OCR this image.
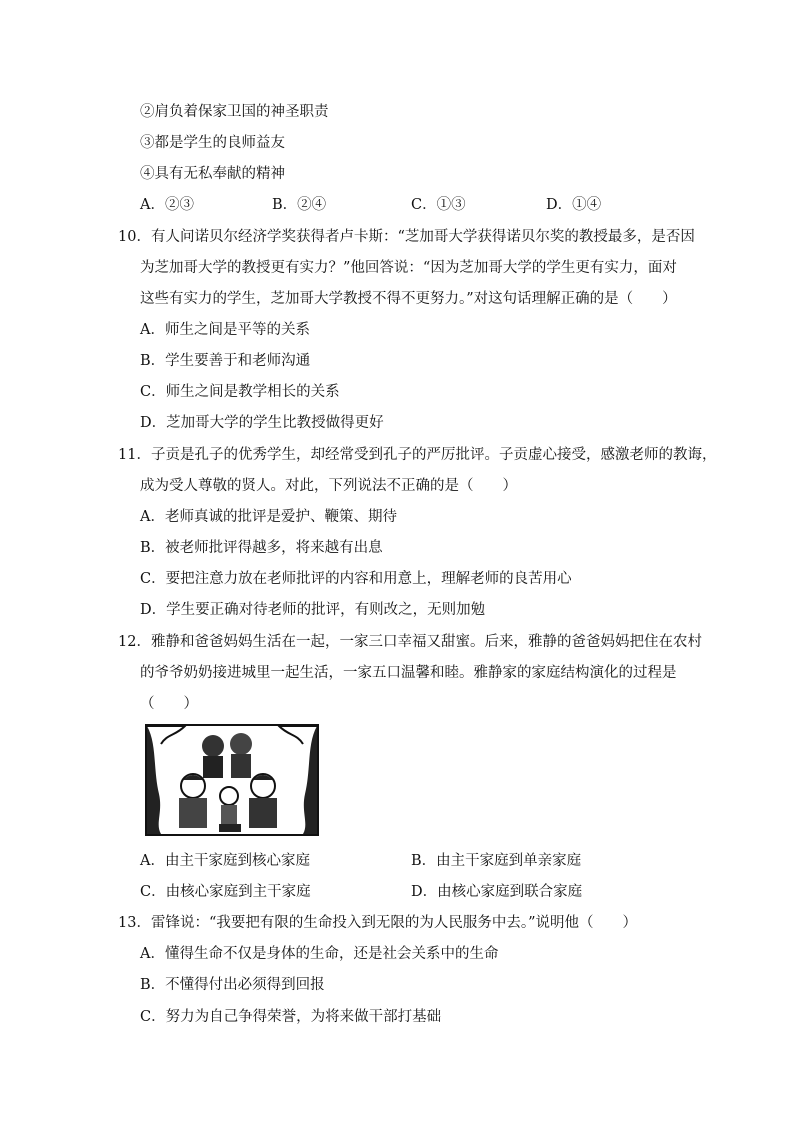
②肩负着保家卫国的神圣职责
③都是学生的良师益友
④具有无私奉献的精神
A．②③	B．②④	C．①③	D．①④
10．有人问诺贝尔经济学奖获得者卢卡斯：“芝加哥大学获得诺贝尔奖的教授最多，是否因
为芝加哥大学的教授更有实力？”他回答说：“因为芝加哥大学的学生更有实力，面对
这些有实力的学生，芝加哥大学教授不得不更努力。”对这句话理解正确的是（　　）
A．师生之间是平等的关系
B．学生要善于和老师沟通
C．师生之间是教学相长的关系
D．芝加哥大学的学生比教授做得更好
11．子贡是孔子的优秀学生，却经常受到孔子的严厉批评。子贡虚心接受，感激老师的教诲，
成为受人尊敬的贤人。对此，下列说法不正确的是（　　）
A．老师真诚的批评是爱护、鞭策、期待
B．被老师批评得越多，将来越有出息
C．要把注意力放在老师批评的内容和用意上，理解老师的良苦用心
D．学生要正确对待老师的批评，有则改之，无则加勉
12．雅静和爸爸妈妈生活在一起，一家三口幸福又甜蜜。后来，雅静的爸爸妈妈把住在农村
的爷爷奶奶接进城里一起生活，一家五口温馨和睦。雅静家的家庭结构演化的过程是
（　　）
A．由主干家庭到核心家庭	B．由主干家庭到单亲家庭
C．由核心家庭到主干家庭	D．由核心家庭到联合家庭
13．雷锋说：“我要把有限的生命投入到无限的为人民服务中去。”说明他（　　）
A．懂得生命不仅是身体的生命，还是社会关系中的生命
B．不懂得付出必须得到回报
C．努力为自己争得荣誉，为将来做干部打基础
